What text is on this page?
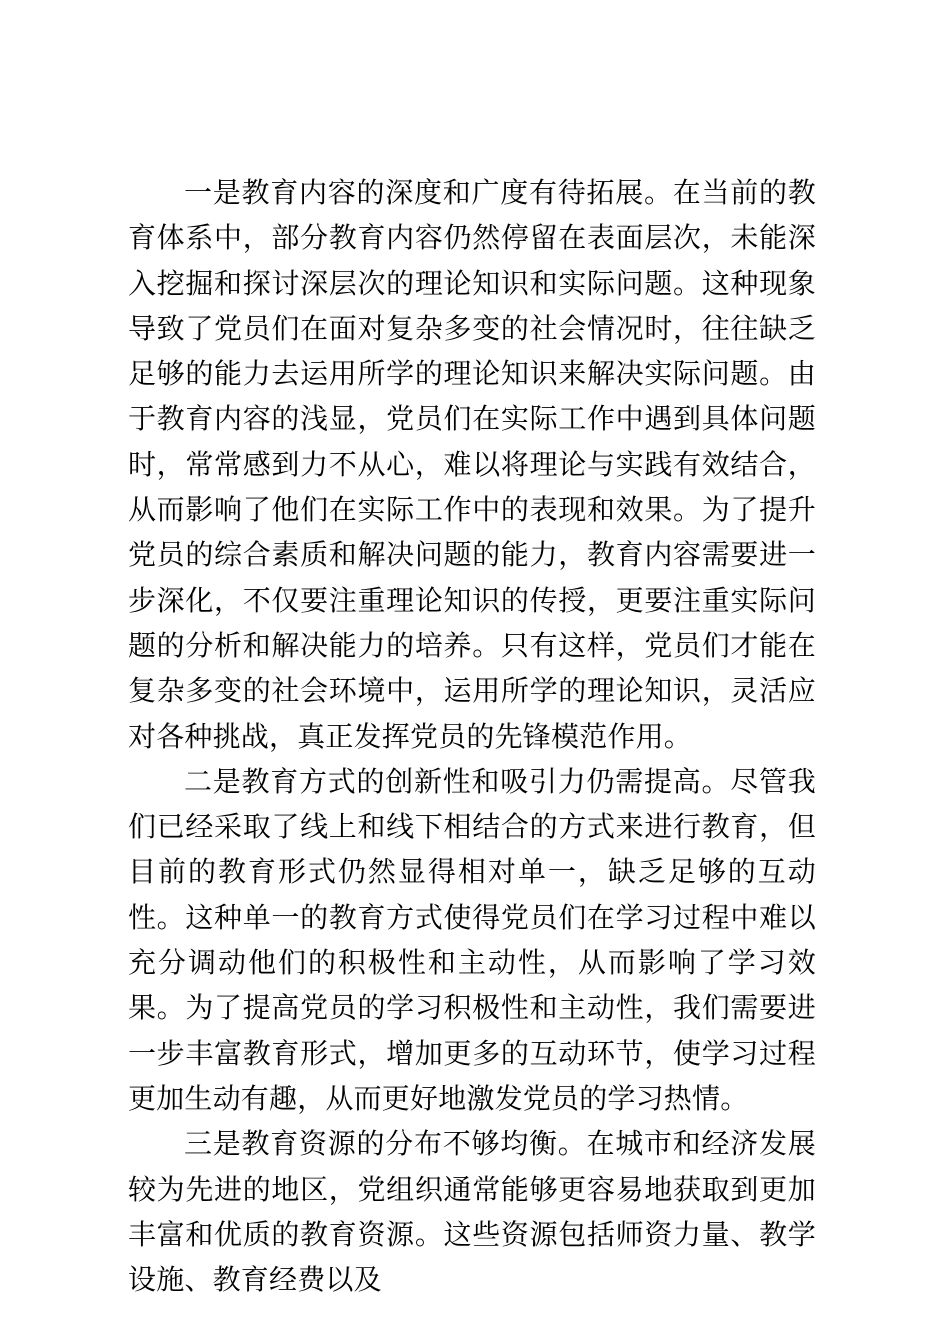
一是教育内容的深度和广度有待拓展。在当前的教育体系中，部分教育内容仍然停留在表面层次，未能深入挖掘和探讨深层次的理论知识和实际问题。这种现象导致了党员们在面对复杂多变的社会情况时，往往缺乏足够的能力去运用所学的理论知识来解决实际问题。由于教育内容的浅显，党员们在实际工作中遇到具体问题时，常常感到力不从心，难以将理论与实践有效结合，从而影响了他们在实际工作中的表现和效果。为了提升党员的综合素质和解决问题的能力，教育内容需要进一步深化，不仅要注重理论知识的传授，更要注重实际问题的分析和解决能力的培养。只有这样，党员们才能在复杂多变的社会环境中，运用所学的理论知识，灵活应对各种挑战，真正发挥党员的先锋模范作用。

二是教育方式的创新性和吸引力仍需提高。尽管我们已经采取了线上和线下相结合的方式来进行教育，但目前的教育形式仍然显得相对单一，缺乏足够的互动性。这种单一的教育方式使得党员们在学习过程中难以充分调动他们的积极性和主动性，从而影响了学习效果。为了提高党员的学习积极性和主动性，我们需要进一步丰富教育形式，增加更多的互动环节，使学习过程更加生动有趣，从而更好地激发党员的学习热情。

三是教育资源的分布不够均衡。在城市和经济发展较为先进的地区，党组织通常能够更容易地获取到更加丰富和优质的教育资源。这些资源包括师资力量、教学设施、教育经费以及
